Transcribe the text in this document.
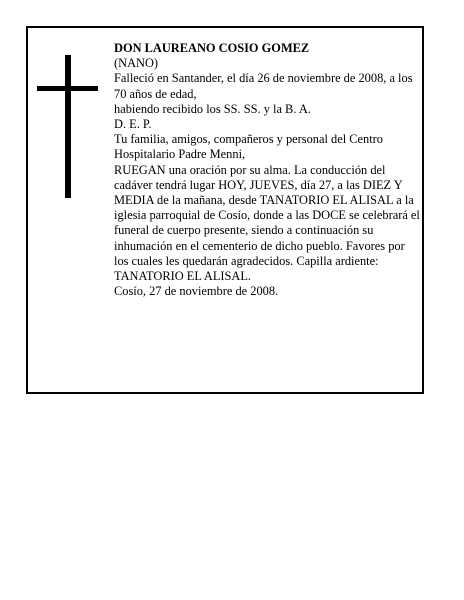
DON LAUREANO COSIO GOMEZ

(NANO)

Falleció en Santander, el día 26 de noviembre de 2008, a los 70 años de edad,

habiendo recibido los SS. SS. y la B. A.

D. E. P.

Tu familia, amigos, compañeros y personal del Centro Hospitalario Padre Menni,

RUEGAN una oración por su alma. La conducción del cadáver tendrá lugar HOY, JUEVES, día 27, a las DIEZ Y MEDIA de la mañana, desde TANATORIO EL ALISAL a la iglesia parroquial de Cosío, donde a las DOCE se celebrará el funeral de cuerpo presente, siendo a continuación su inhumación en el cementerio de dicho pueblo. Favores por los cuales les quedarán agradecidos. Capilla ardiente: TANATORIO EL ALISAL.

Cosío, 27 de noviembre de 2008.
